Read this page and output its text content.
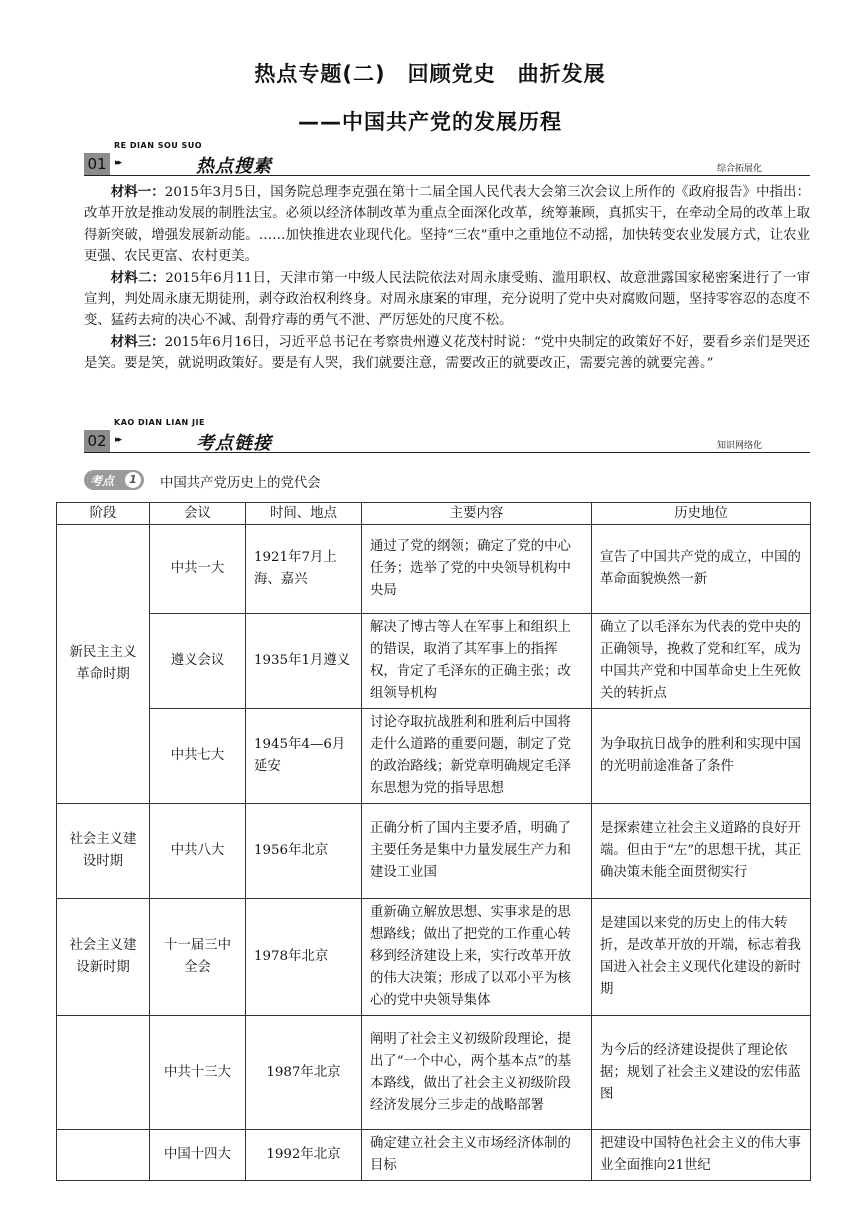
热点专题(二)　回顾党史　曲折发展
——中国共产党的发展历程
RE DIAN SOU SUO
01 ▸▸	热点搜素	综合拓展化

材料一：2015年3月5日，国务院总理李克强在第十二届全国人民代表大会第三次会议上所作的《政府报告》中指出：改革开放是推动发展的制胜法宝。必须以经济体制改革为重点全面深化改革，统筹兼顾，真抓实干，在牵动全局的改革上取得新突破，增强发展新动能。……加快推进农业现代化。坚持“三农”重中之重地位不动摇，加快转变农业发展方式，让农业更强、农民更富、农村更美。

材料二：2015年6月11日，天津市第一中级人民法院依法对周永康受贿、滥用职权、故意泄露国家秘密案进行了一审宣判，判处周永康无期徒刑，剥夺政治权利终身。对周永康案的审理，充分说明了党中央对腐败问题，坚持零容忍的态度不变、猛药去疴的决心不减、刮骨疗毒的勇气不泄、严厉惩处的尺度不松。

材料三：2015年6月16日，习近平总书记在考察贵州遵义花茂村时说：“党中央制定的政策好不好，要看乡亲们是哭还是笑。要是笑，就说明政策好。要是有人哭，我们就要注意，需要改正的就要改正，需要完善的就要完善。”

KAO DIAN LIAN JIE
02 ▸▸	考点链接	知识网络化
考点	1	中国共产党历史上的党代会
阶段	会议	时间、地点	主要内容	历史地位
新民主主义革命时期	中共一大	1921年7月上海、嘉兴	通过了党的纲领；确定了党的中心任务；选举了党的中央领导机构中央局	宣告了中国共产党的成立，中国的革命面貌焕然一新
	遵义会议	1935年1月遵义	解决了博古等人在军事上和组织上的错误，取消了其军事上的指挥权，肯定了毛泽东的正确主张；改组领导机构	确立了以毛泽东为代表的党中央的正确领导，挽救了党和红军，成为中国共产党和中国革命史上生死攸关的转折点
	中共七大	1945年4—6月延安	讨论夺取抗战胜利和胜利后中国将走什么道路的重要问题，制定了党的政治路线；新党章明确规定毛泽东思想为党的指导思想	为争取抗日战争的胜利和实现中国的光明前途准备了条件
社会主义建设时期	中共八大	1956年北京	正确分析了国内主要矛盾，明确了主要任务是集中力量发展生产力和建设工业国	是探索建立社会主义道路的良好开端。但由于“左”的思想干扰，其正确决策未能全面贯彻实行
社会主义建设新时期	十一届三中全会	1978年北京	重新确立解放思想、实事求是的思想路线；做出了把党的工作重心转移到经济建设上来，实行改革开放的伟大决策；形成了以邓小平为核心的党中央领导集体	是建国以来党的历史上的伟大转折，是改革开放的开端，标志着我国进入社会主义现代化建设的新时期
	中共十三大	1987年北京	阐明了社会主义初级阶段理论，提出了“一个中心，两个基本点”的基本路线，做出了社会主义初级阶段经济发展分三步走的战略部署	为今后的经济建设提供了理论依据；规划了社会主义建设的宏伟蓝图
	中国十四大	1992年北京	确定建立社会主义市场经济体制的目标	把建设中国特色社会主义的伟大事业全面推向21世纪
